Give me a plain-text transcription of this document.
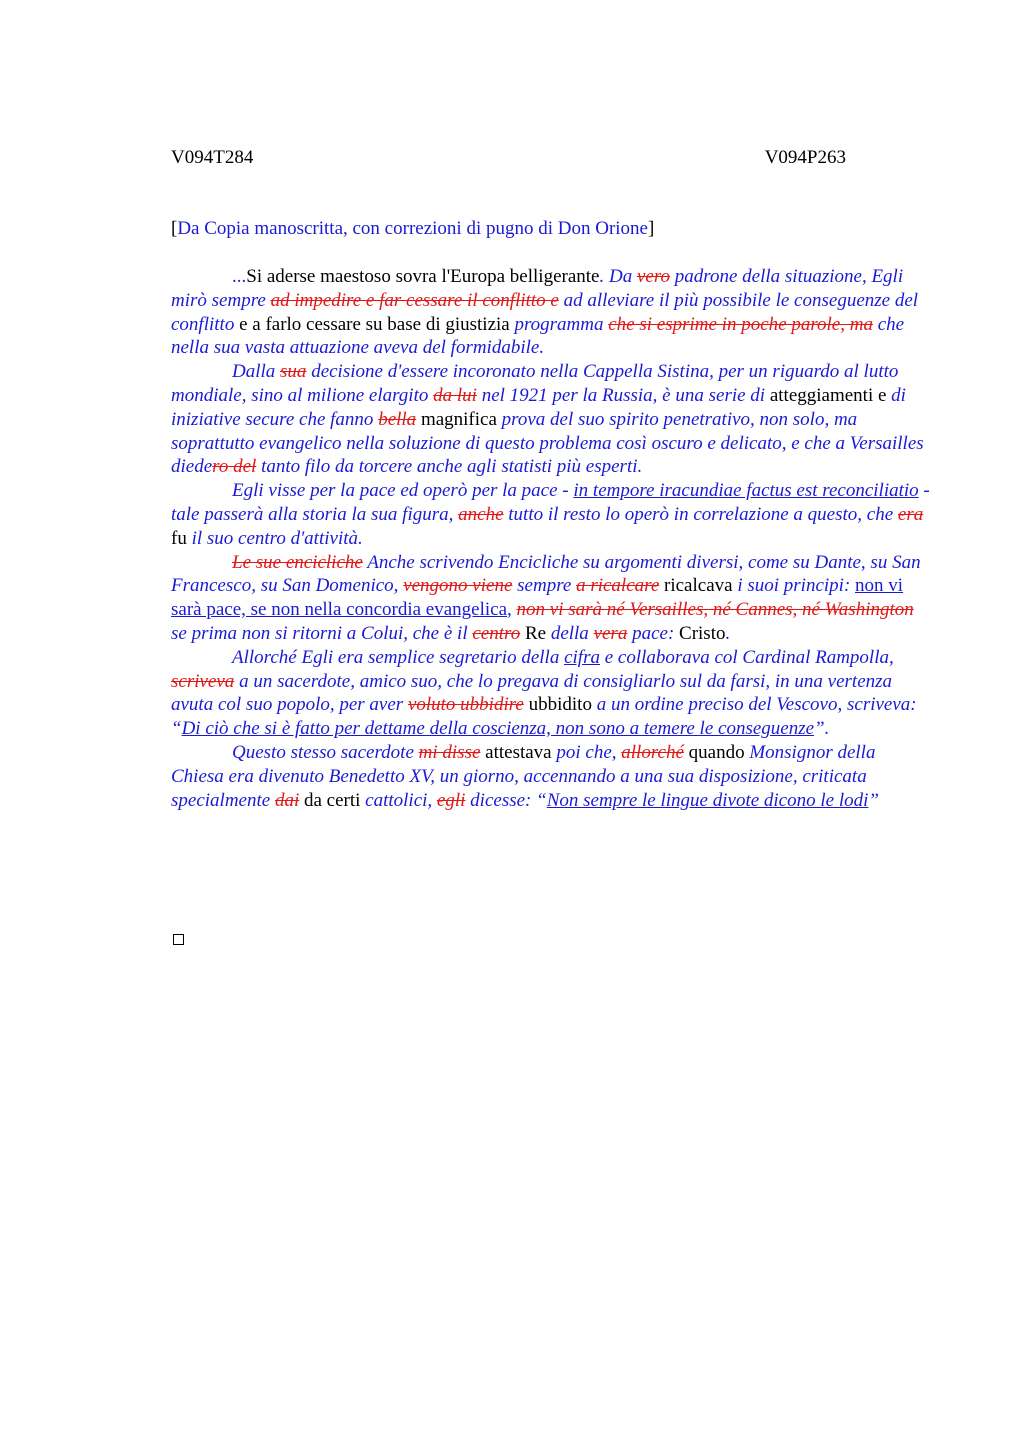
V094T284	V094P263
[Da Copia manoscritta, con correzioni di pugno di Don Orione]

...Si aderse maestoso sovra l'Europa belligerante. Da vero padrone della situazione, Egli mirò sempre ad impedire e far cessare il conflitto e ad alleviare il più possibile le conseguenze del conflitto e a farlo cessare su base di giustizia programma che si esprime in poche parole, ma che nella sua vasta attuazione aveva del formidabile.

Dalla sua decisione d'essere incoronato nella Cappella Sistina, per un riguardo al lutto mondiale, sino al milione elargito da lui nel 1921 per la Russia, è una serie di atteggiamenti e di iniziative secure che fanno bella magnifica prova del suo spirito penetrativo, non solo, ma soprattutto evangelico nella soluzione di questo problema così oscuro e delicato, e che a Versailles diedero del tanto filo da torcere anche agli statisti più esperti.

Egli visse per la pace ed operò per la pace - in tempore iracundiae factus est reconciliatio - tale passerà alla storia la sua figura, anche tutto il resto lo operò in correlazione a questo, che era fu il suo centro d'attività.

Le sue encicliche Anche scrivendo Encicliche su argomenti diversi, come su Dante, su San Francesco, su San Domenico, vengono viene sempre a ricalcare ricalcava i suoi principi: non vi sarà pace, se non nella concordia evangelica, non vi sarà né Versailles, né Cannes, né Washington se prima non si ritorni a Colui, che è il centro Re della vera pace: Cristo.

Allorché Egli era semplice segretario della cifra e collaborava col Cardinal Rampolla, scriveva a un sacerdote, amico suo, che lo pregava di consigliarlo sul da farsi, in una vertenza avuta col suo popolo, per aver voluto ubbidire ubbidito a un ordine preciso del Vescovo, scriveva: “Di ciò che si è fatto per dettame della coscienza, non sono a temere le conseguenze”.

Questo stesso sacerdote mi disse attestava poi che, allorché quando Monsignor della Chiesa era divenuto Benedetto XV, un giorno, accennando a una sua disposizione, criticata specialmente dai da certi cattolici, egli dicesse: “Non sempre le lingue divote dicono le lodi”
